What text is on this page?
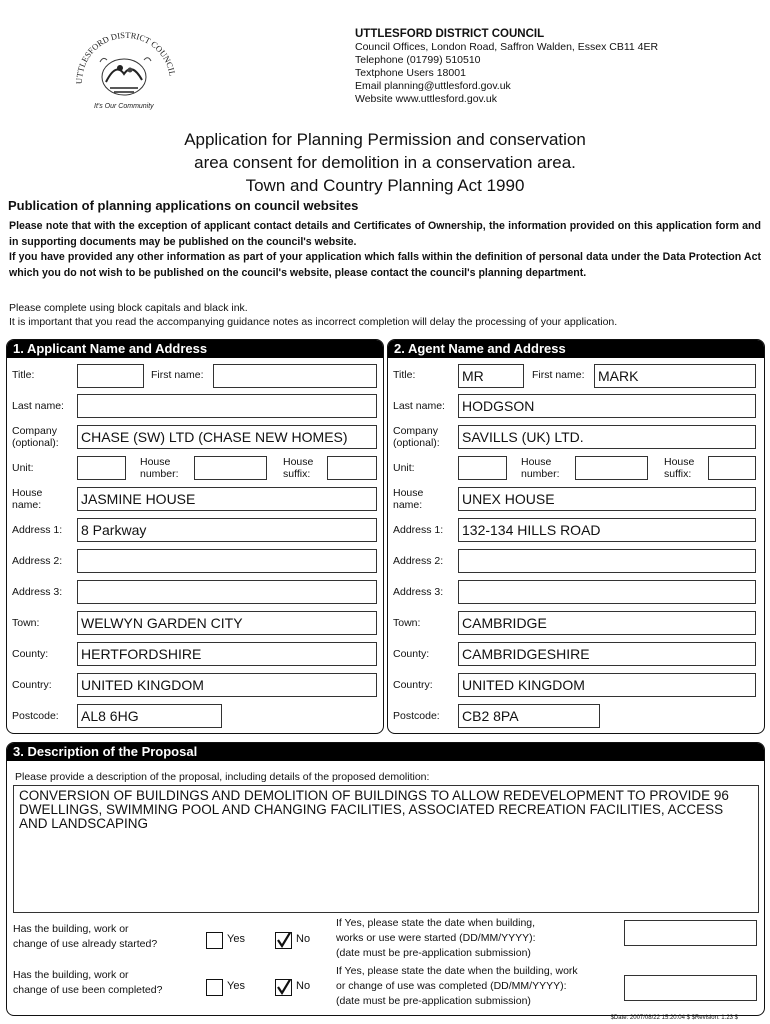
UTTLESFORD DISTRICT COUNCIL
It's Our Community
UTTLESFORD DISTRICT COUNCIL
Council Offices, London Road, Saffron Walden, Essex CB11 4ER
Telephone (01799) 510510
Textphone Users 18001
Email planning@uttlesford.gov.uk
Website www.uttlesford.gov.uk
Application for Planning Permission and conservation
area consent for demolition in a conservation area.
Town and Country Planning Act 1990
Publication of planning applications on council websites
Please note that with the exception of applicant contact details and Certificates of Ownership, the information provided on this application form and in supporting documents may be published on the council's website.
If you have provided any other information as part of your application which falls within the definition of personal data under the Data Protection Act which you do not wish to be published on the council's website, please contact the council's planning department.
Please complete using block capitals and black ink.
It is important that you read the accompanying guidance notes as incorrect completion will delay the processing of your application.
1. Applicant Name and Address
Title:	First name:
Last name:
Company
(optional): CHASE (SW) LTD (CHASE NEW HOMES)
Unit:	House
number:
House
suffix:
House
name:	JASMINE HOUSE
Address 1: 8 Parkway
Address 2:
Address 3:
Town:	WELWYN GARDEN CITY
County: HERTFORDSHIRE
Country: UNITED KINGDOM
Postcode: AL8 6HG
2. Agent Name and Address
Title:	MR	First name: MARK
Last name: HODGSON
Company
(optional): SAVILLS (UK) LTD.
Unit:	House
number:
House
suffix:
House
name:	UNEX HOUSE
Address 1: 132-134 HILLS ROAD
Address 2:
Address 3:
Town:	CAMBRIDGE
County: CAMBRIDGESHIRE
Country: UNITED KINGDOM
Postcode: CB2 8PA
3. Description of the Proposal
Please provide a description of the proposal, including details of the proposed demolition:
CONVERSION OF BUILDINGS AND DEMOLITION OF BUILDINGS TO ALLOW REDEVELOPMENT TO PROVIDE 96 DWELLINGS, SWIMMING POOL AND CHANGING FACILITIES, ASSOCIATED RECREATION FACILITIES, ACCESS AND LANDSCAPING
Has the building, work or
change of use already started?	Yes	No
If Yes, please state the date when building,
works or use were started (DD/MM/YYYY):
(date must be pre-application submission)
Has the building, work or
change of use been completed?	Yes	No
If Yes, please state the date when the building, work
or change of use was completed (DD/MM/YYYY):
(date must be pre-application submission)
$Date: 2007/08/22 15:20:04 $ $Revision: 1.23 $
